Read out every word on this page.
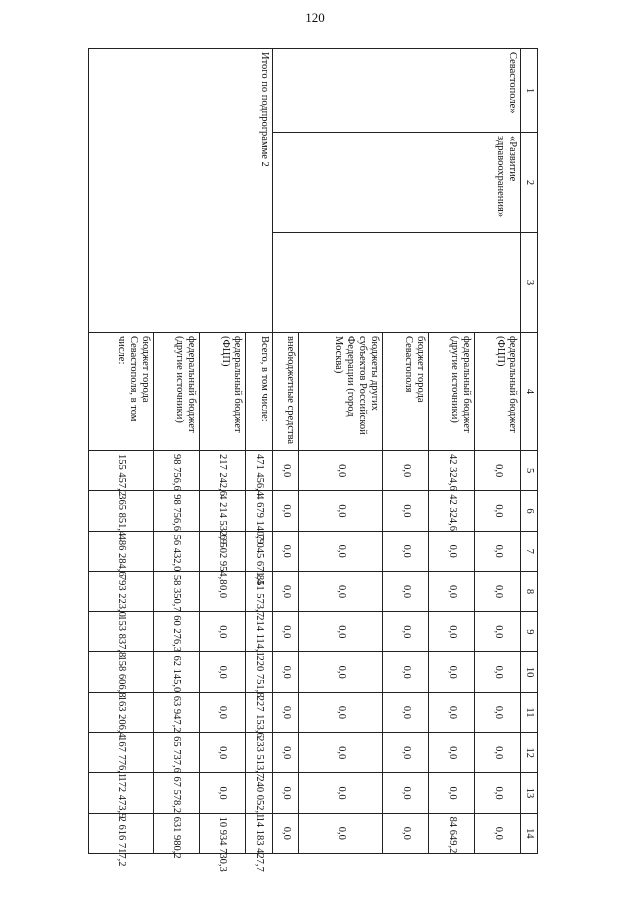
120
1	2	3	4	5	6	7	8	9	10	11	12	13	14
Севастополе»	«Развитие здравоохранения»		федеральный бюджет (ФЦП)	0,0	0,0	0,0	0,0	0,0	0,0	0,0	0,0	0,0	0,0
			федеральный бюджет (другие источники)	42 324,6	42 324,6	0,0	0,0	0,0	0,0	0,0	0,0	0,0	84 649,2
			бюджет города Севастополя	0,0	0,0	0,0	0,0	0,0	0,0	0,0	0,0	0,0	0,0
			бюджеты других субъектов Российской Федерации (город Москва)	0,0	0,0	0,0	0,0	0,0	0,0	0,0	0,0	0,0	0,0
			внебюджетные средства	0,0	0,0	0,0	0,0	0,0	0,0	0,0	0,0	0,0	0,0
Итого по подпрограмме 2			Всего, в том числе:	471 456,4	4 679 140,9	7 045 671,4	851 573,7	214 114,1	220 751,8	227 153,6	233 513,7	240 052,1	14 183 427,7
			федеральный бюджет (ФЦП)	217 242,6	4 214 532,9	6 502 954,8	0,0	0,0	0,0	0,0	0,0	0,0	10 934 730,3
			федеральный бюджет (другие источники)	98 756,6	98 756,6	56 432,0	58 350,7	60 276,3	62 145,0	63 947,2	65 737,6	67 578,2	631 980,2
			бюджет города Севастополя, в том числе:	155 457,2	365 851,4	486 284,6	793 223,0	153 837,8	158 606,8	163 206,4	167 776,1	172 473,9	2 616 717,2
